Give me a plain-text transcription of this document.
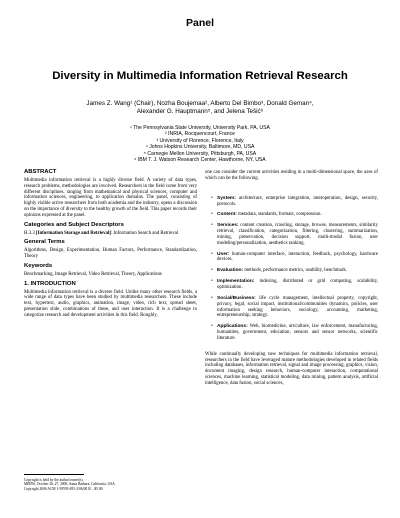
Panel
Diversity in Multimedia Information Retrieval Research
James Z. Wang¹ (Chair), Nozha Boujemaa², Alberto Del Bimbo³, Donald Geman⁴,
Alexander G. Hauptmann⁵, and Jelena Tešić⁶
¹ The Pennsylvania State University, University Park, PA, USA
² INRIA, Rocquencourt, France
³ University of Florence, Florence, Italy
⁴ Johns Hopkins University, Baltimore, MD, USA
⁵ Carnegie Mellon University, Pittsburgh, PA, USA
⁶ IBM T. J. Watson Research Center, Hawthorne, NY, USA
ABSTRACT

Multimedia information retrieval is a highly diverse field. A variety of data types, research problems, methodologies are involved. Researchers in the field come from very different disciplines, ranging from mathematical and physical sciences, computer and information sciences, engineering, to application domains. The panel, consisting of highly visible active researchers from both academia and the industry, opens a discussion on the importance of diversity to the healthy growth of the field. This paper records their opinions expressed at the panel.

Categories and Subject Descriptors

H.3.3 [Information Storage and Retrieval]: Information Search and Retrieval

General Terms

Algorithms, Design, Experimentation, Human Factors, Performance, Standardization, Theory

Keywords

Benchmarking, Image Retrieval, Video Retrieval, Theory, Applications

1. INTRODUCTION

Multimedia information retrieval is a diverse field. Unlike many other research fields, a wide range of data types have been studied by multimedia researchers. These include text, hypertext, audio, graphics, animation, image, video, rich text, spread sheet, presentation slide, combinations of these, and user interaction. It is a challenge to categorize research and development activities in this field. Roughly,

Copyright is held by the author/owner(s).
MIR'06, October 26–27, 2006, Santa Barbara, California, USA.
Copyright 2006 ACM 1-59593-495-2/06/0010 ...$5.00.

one can consider the current activities residing in a multi-dimensional space, the axes of which can be the following.

• System: architecture, enterprise integration, interoperation, design, security, protocols.
• Content: metadata, standards, formats, compression.
• Services: content creation, crawling, storage, browse, measurements, similarity retrieval, classification, categorization, filtering, clustering, summarization, mining, preservation, decision support, multi-modal fusion, user modeling/personalization, aesthetics ranking.
• User: human-computer interface, interaction, feedback, psychology, hardware devices.
• Evaluation: methods, performance metrics, usability, benchmark.
• Implementation: indexing, distributed or grid computing, scalability, optimization.
• Social/Business: life cycle management, intellectual property, copyright, privacy, legal, social impact, institutional/communities dynamics, policies, user information seeking behaviors, sociology, accounting, marketing, entrepreneurship, strategy.
• Applications: Web, biomedicine, art/culture, law enforcement, manufacturing, humanities, government, education, sensors and sensor networks, scientific literature.

While continually developing new techniques for multimedia information retrieval, researchers in the field have leveraged mature methodologies developed in related fields including databases, information retrieval, signal and image processing, graphics, vision, document imaging, design research, human-computer interaction, computational sciences, machine learning, statistical modeling, data mining, pattern analysis, artificial intelligence, data fusion, social sciences,
